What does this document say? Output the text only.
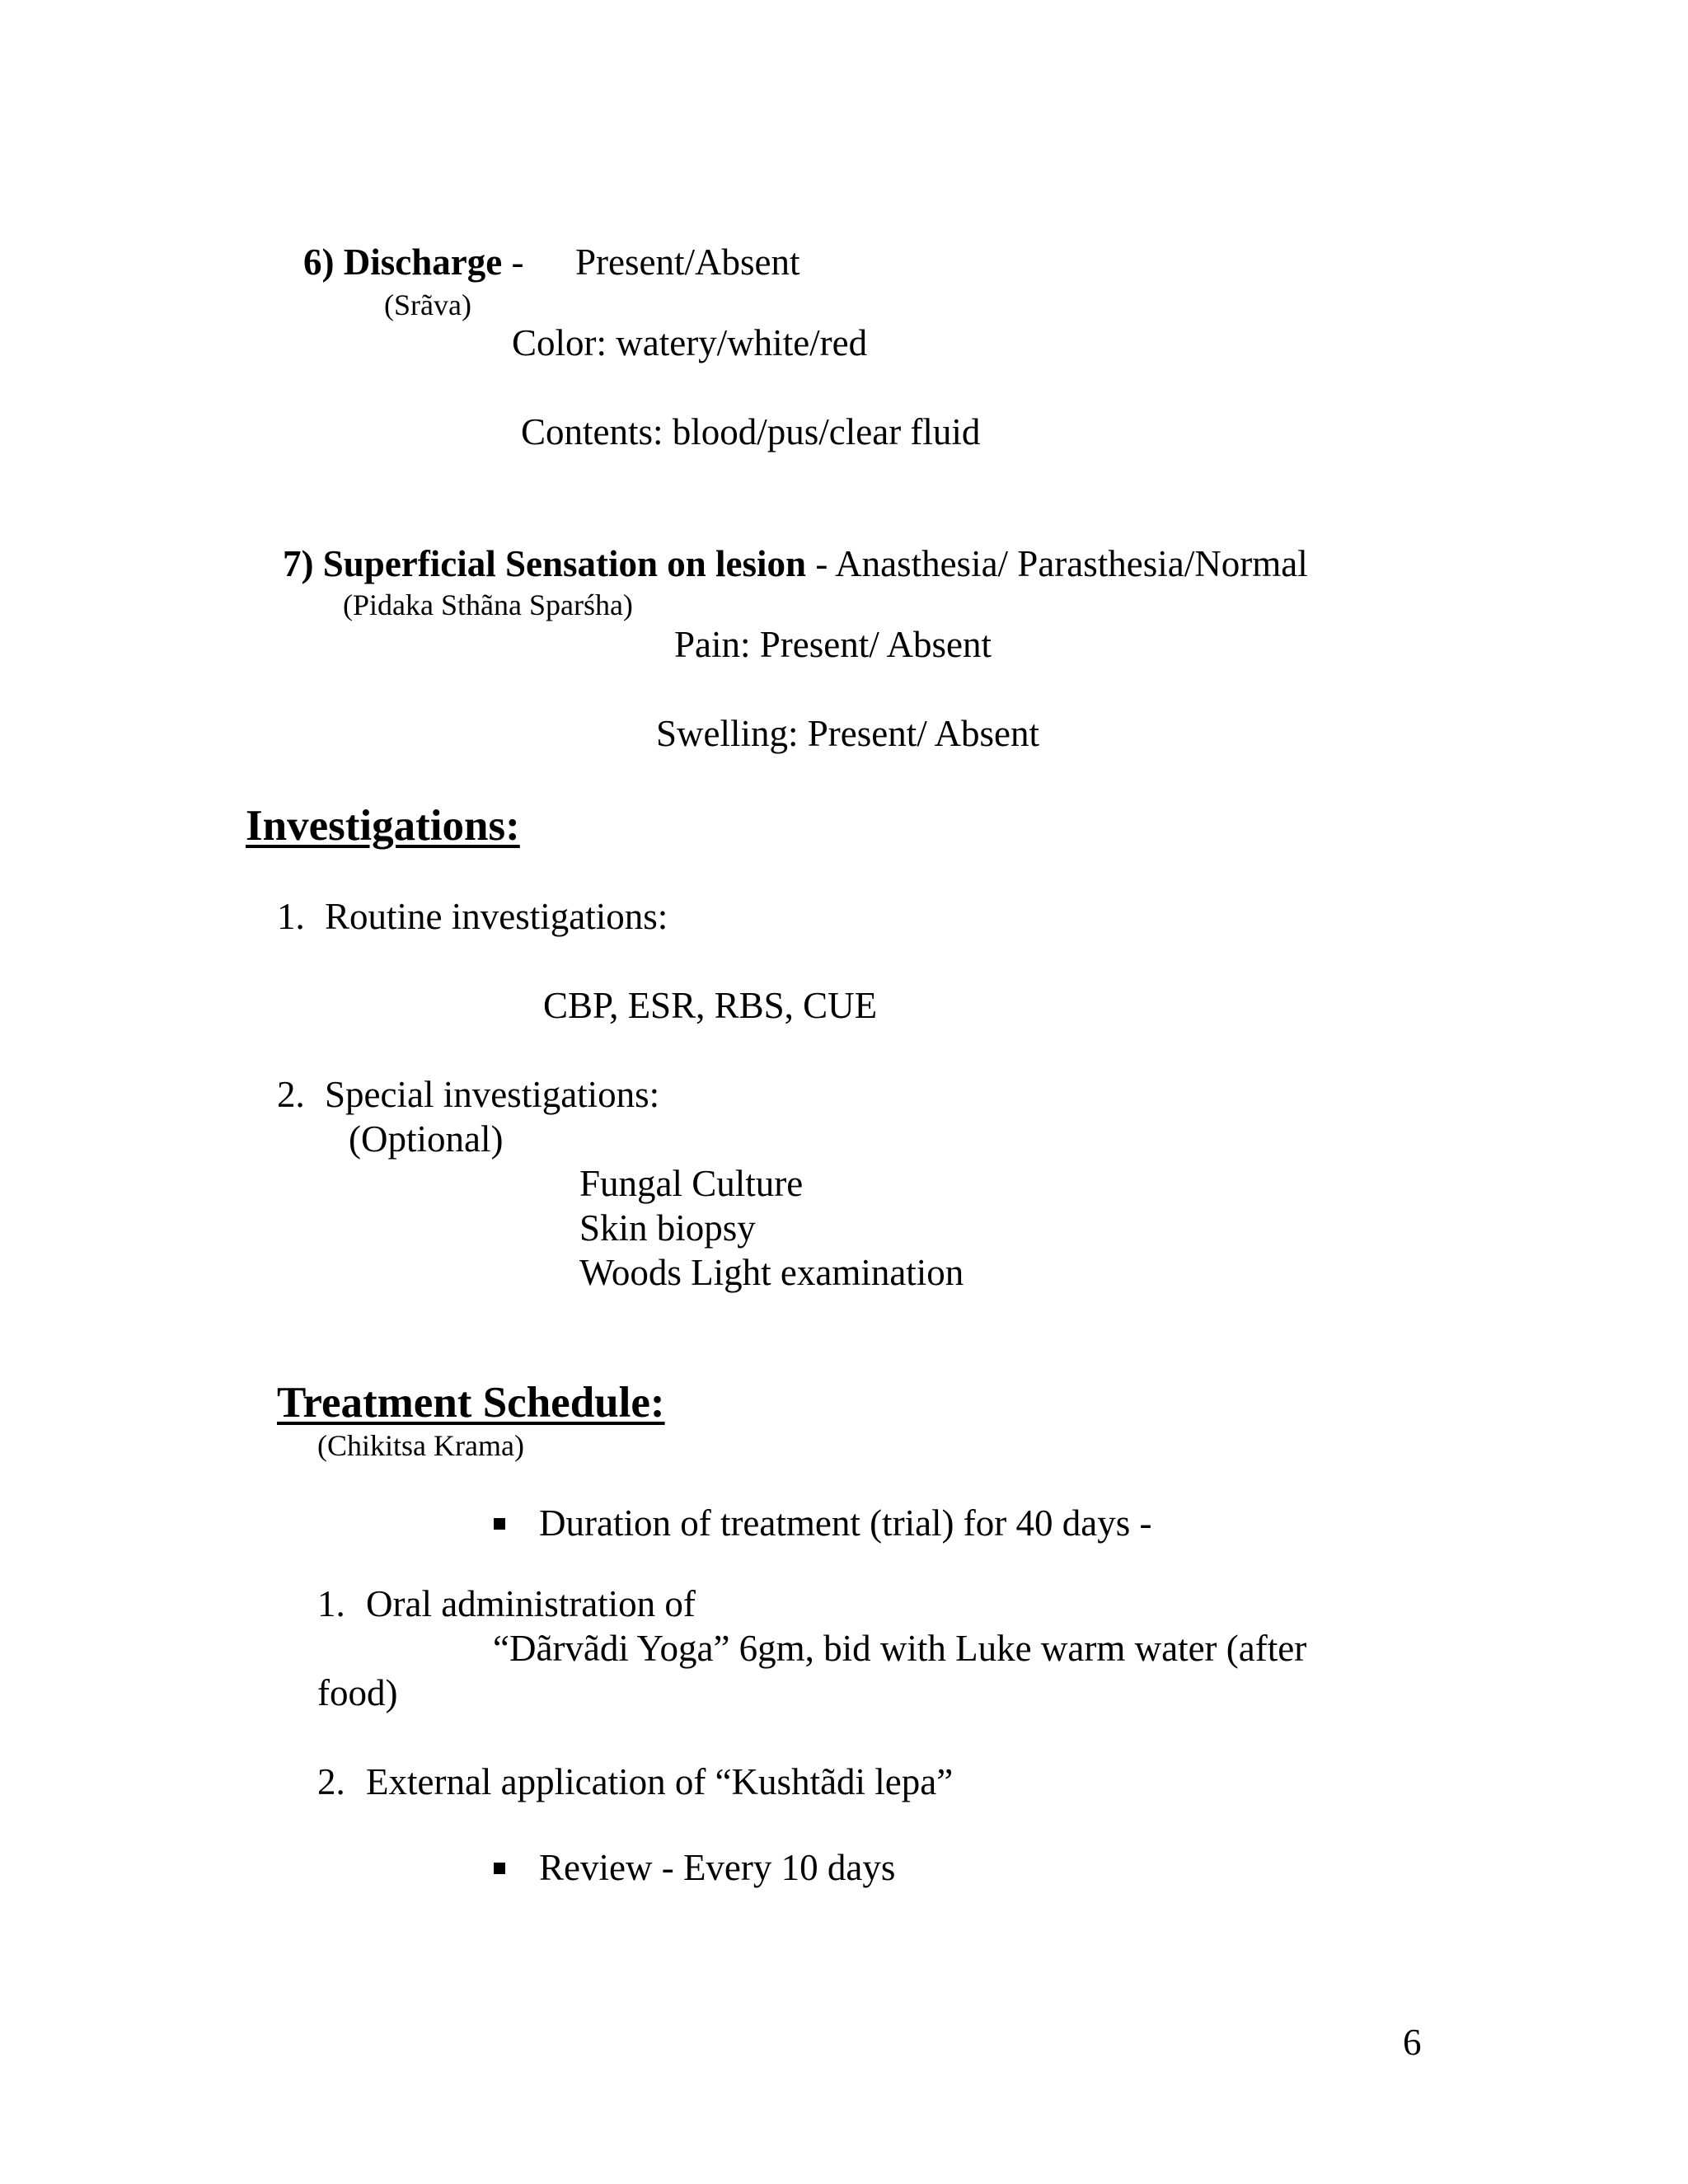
6) Discharge - Present/Absent
(Srãva)
Color: watery/white/red
Contents: blood/pus/clear fluid
7) Superficial Sensation on lesion - Anasthesia/ Parasthesia/Normal
(Pidaka Sthãna Sparśha)
Pain: Present/ Absent
Swelling: Present/ Absent
Investigations:
1. Routine investigations:
CBP, ESR, RBS, CUE
2. Special investigations:
(Optional)
Fungal Culture
Skin biopsy
Woods Light examination
Treatment Schedule:
(Chikitsa Krama)
Duration of treatment (trial) for 40 days -
1. Oral administration of
“Dãrvãdi Yoga” 6gm, bid with Luke warm water (after
food)
2. External application of “Kushtãdi lepa”
Review - Every 10 days
6
